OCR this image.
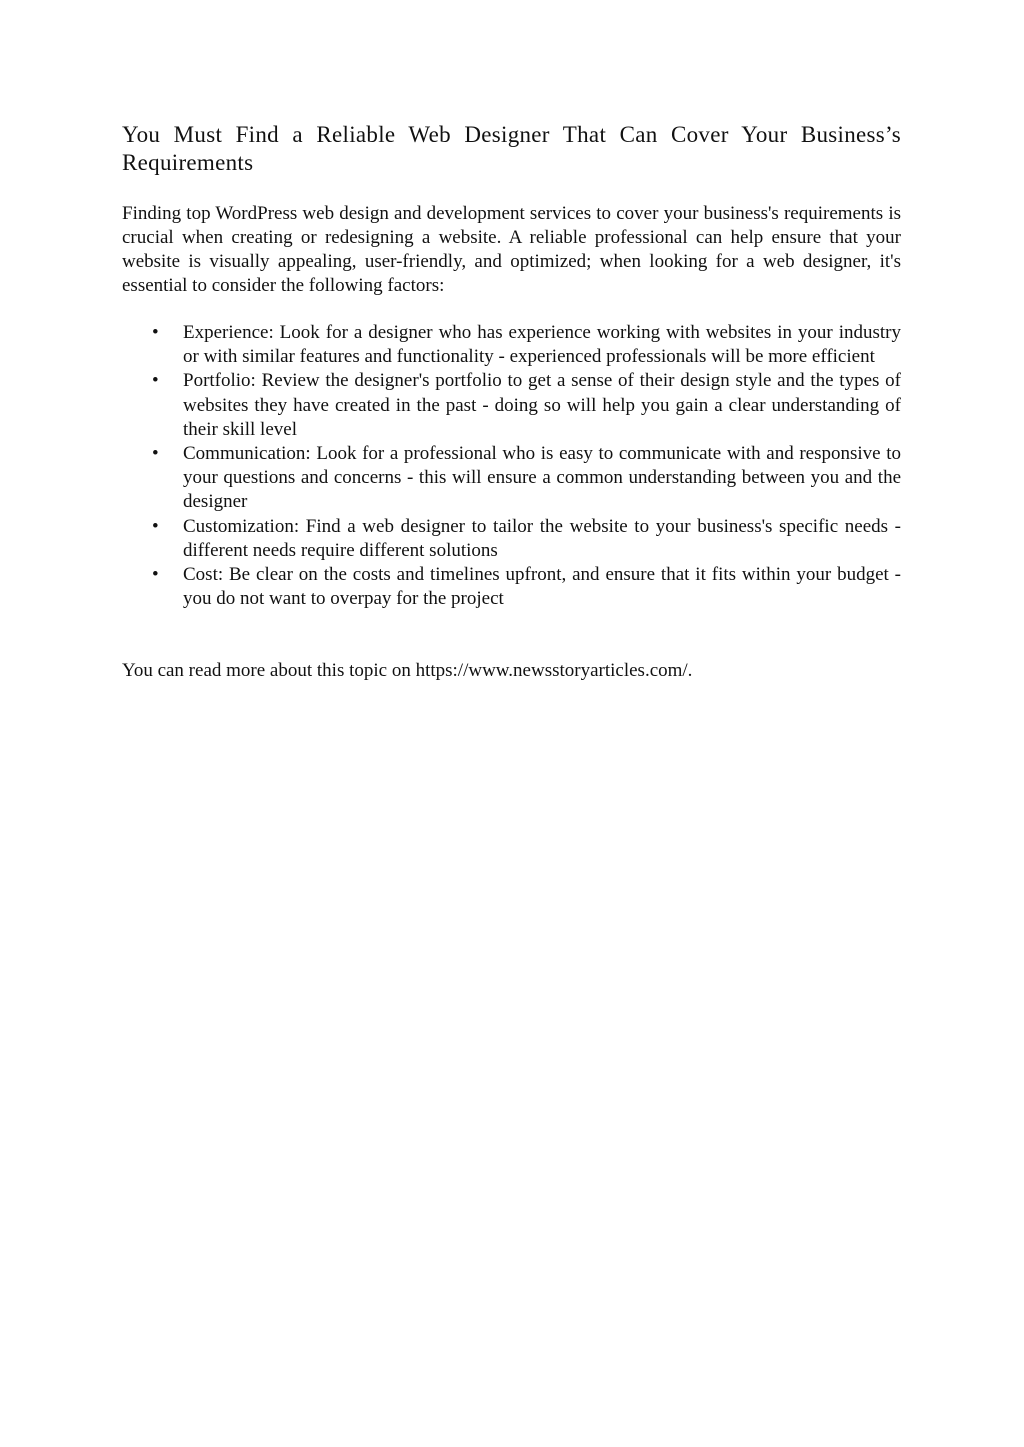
You Must Find a Reliable Web Designer That Can Cover Your Business’s Requirements

Finding top WordPress web design and development services to cover your business's requirements is crucial when creating or redesigning a website. A reliable professional can help ensure that your website is visually appealing, user-friendly, and optimized; when looking for a web designer, it's essential to consider the following factors:

• Experience: Look for a designer who has experience working with websites in your industry or with similar features and functionality - experienced professionals will be more efficient
• Portfolio: Review the designer's portfolio to get a sense of their design style and the types of websites they have created in the past - doing so will help you gain a clear understanding of their skill level
• Communication: Look for a professional who is easy to communicate with and responsive to your questions and concerns - this will ensure a common understanding between you and the designer
• Customization: Find a web designer to tailor the website to your business's specific needs - different needs require different solutions
• Cost: Be clear on the costs and timelines upfront, and ensure that it fits within your budget - you do not want to overpay for the project

You can read more about this topic on https://www.newsstoryarticles.com/.
